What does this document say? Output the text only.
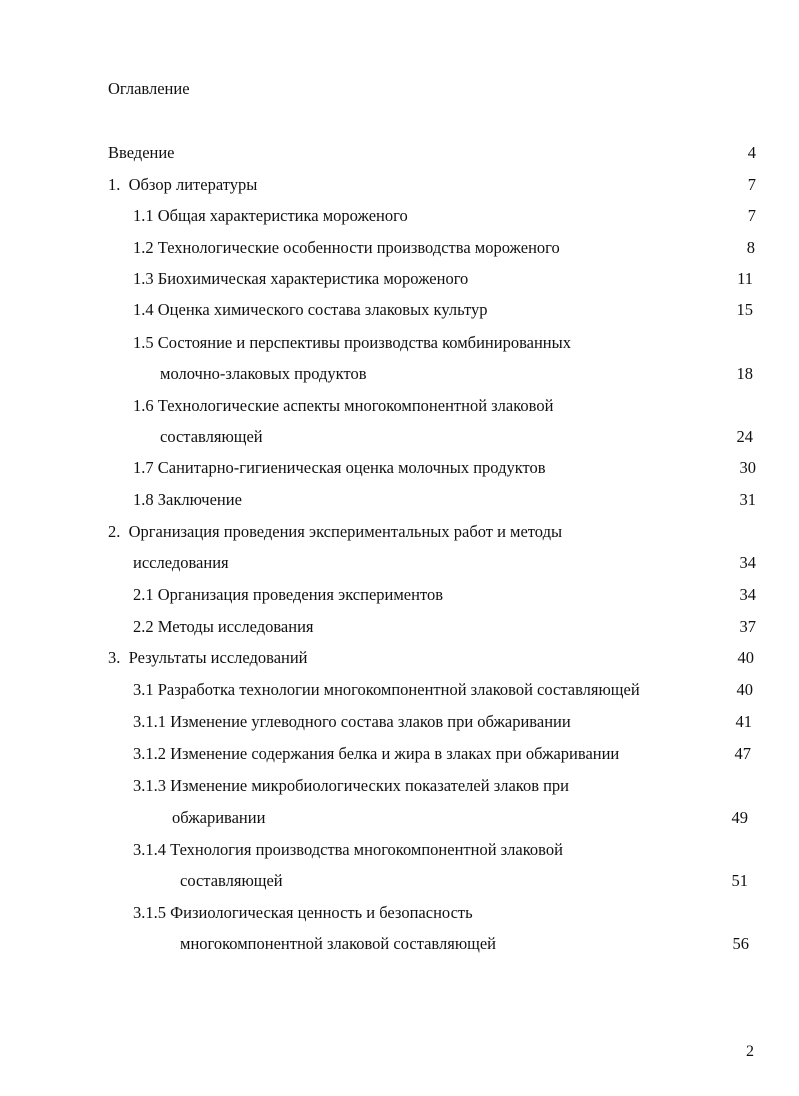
Оглавление
Введение	4
1.  Обзор литературы	7
1.1 Общая характеристика мороженого	7
1.2 Технологические особенности производства мороженого	8
1.3 Биохимическая характеристика мороженого	11
1.4 Оценка химического состава злаковых культур	15
1.5 Состояние и перспективы производства комбинированных
молочно-злаковых продуктов	18
1.6 Технологические аспекты многокомпонентной злаковой
составляющей	24
1.7 Санитарно-гигиеническая оценка молочных продуктов	30
1.8 Заключение	31
2.  Организация проведения экспериментальных работ и методы
исследования	34
2.1 Организация проведения экспериментов	34
2.2 Методы исследования	37
3.  Результаты исследований	40
3.1 Разработка технологии многокомпонентной злаковой составляющей	40
3.1.1 Изменение углеводного состава злаков при обжаривании	41
3.1.2 Изменение содержания белка и жира в злаках при обжаривании	47
3.1.3 Изменение микробиологических показателей злаков при
обжаривании	49
3.1.4 Технология производства многокомпонентной злаковой
составляющей	51
3.1.5 Физиологическая ценность и безопасность
многокомпонентной злаковой составляющей	56
2
